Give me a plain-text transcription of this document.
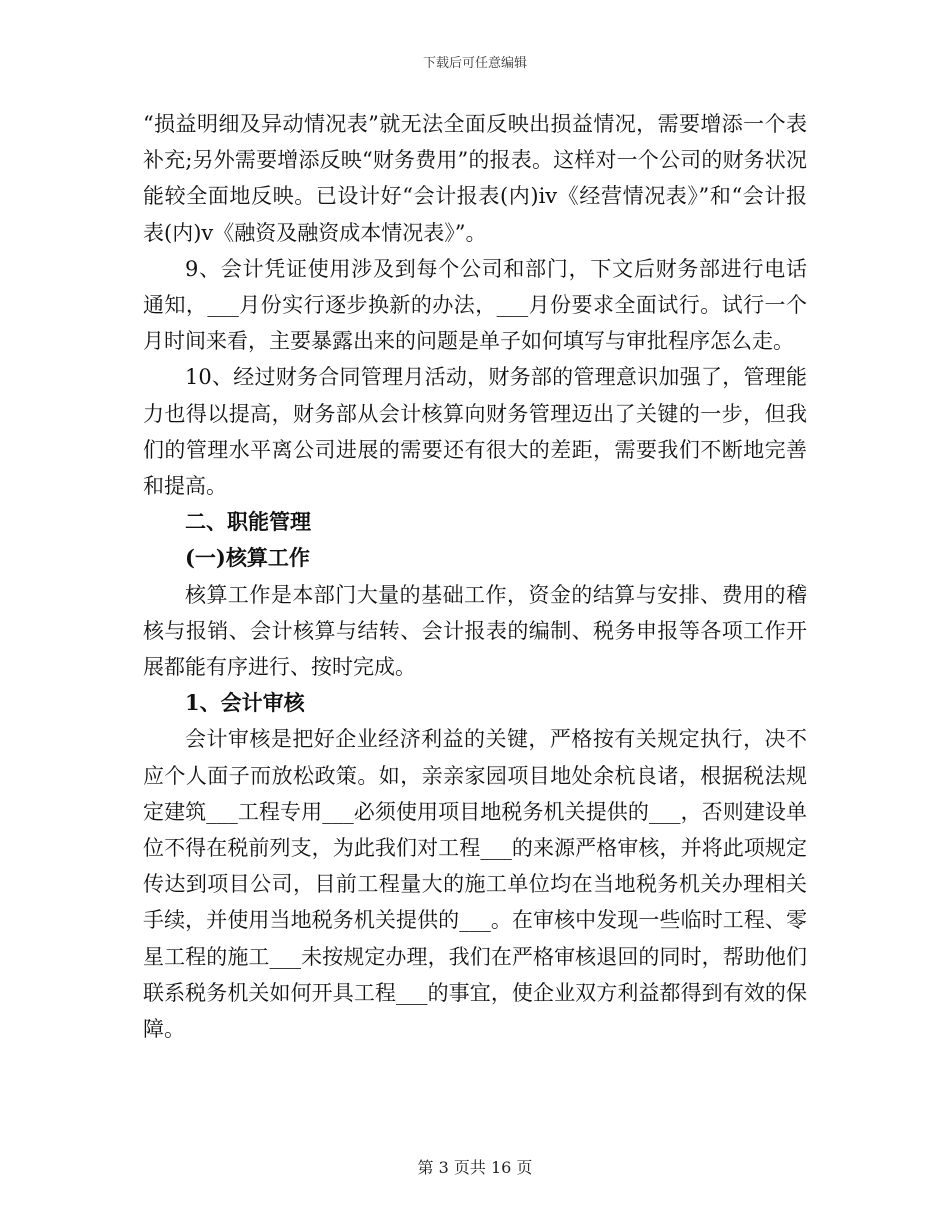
下载后可任意编辑

“损益明细及异动情况表”就无法全面反映出损益情况，需要增添一个表补充;另外需要增添反映“财务费用”的报表。这样对一个公司的财务状况能较全面地反映。已设计好“会计报表(内)iv《经营情况表》”和“会计报表(内)v《融资及融资成本情况表》”。

9、会计凭证使用涉及到每个公司和部门，下文后财务部进行电话通知，___月份实行逐步换新的办法，___月份要求全面试行。试行一个月时间来看，主要暴露出来的问题是单子如何填写与审批程序怎么走。

10、经过财务合同管理月活动，财务部的管理意识加强了，管理能力也得以提高，财务部从会计核算向财务管理迈出了关键的一步，但我们的管理水平离公司进展的需要还有很大的差距，需要我们不断地完善和提高。

二、职能管理

(一)核算工作

核算工作是本部门大量的基础工作，资金的结算与安排、费用的稽核与报销、会计核算与结转、会计报表的编制、税务申报等各项工作开展都能有序进行、按时完成。

1、会计审核

会计审核是把好企业经济利益的关键，严格按有关规定执行，决不应个人面子而放松政策。如，亲亲家园项目地处余杭良诸，根据税法规定建筑___工程专用___必须使用项目地税务机关提供的___，否则建设单位不得在税前列支，为此我们对工程___的来源严格审核，并将此项规定传达到项目公司，目前工程量大的施工单位均在当地税务机关办理相关手续，并使用当地税务机关提供的___。在审核中发现一些临时工程、零星工程的施工___未按规定办理，我们在严格审核退回的同时，帮助他们联系税务机关如何开具工程___的事宜，使企业双方利益都得到有效的保障。

第 3 页共 16 页
